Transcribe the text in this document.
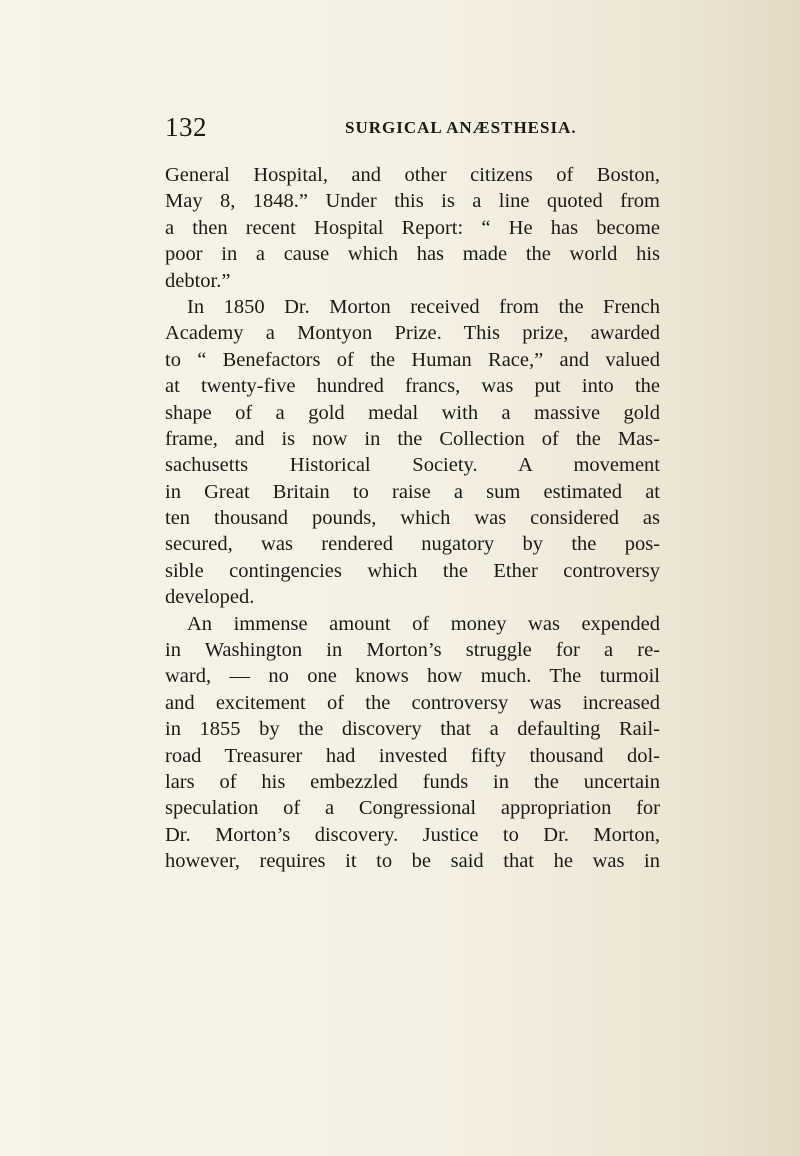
132	SURGICAL ANÆSTHESIA.
General Hospital, and other citizens of Boston,
May 8, 1848.” Under this is a line quoted from
a then recent Hospital Report: “ He has become
poor in a cause which has made the world his
debtor.”
In 1850 Dr. Morton received from the French
Academy a Montyon Prize. This prize, awarded
to “ Benefactors of the Human Race,” and valued
at twenty-five hundred francs, was put into the
shape of a gold medal with a massive gold
frame, and is now in the Collection of the Mas-
sachusetts Historical Society. A movement
in Great Britain to raise a sum estimated at
ten thousand pounds, which was considered as
secured, was rendered nugatory by the pos-
sible contingencies which the Ether controversy
developed.
An immense amount of money was expended
in Washington in Morton’s struggle for a re-
ward, — no one knows how much. The turmoil
and excitement of the controversy was increased
in 1855 by the discovery that a defaulting Rail-
road Treasurer had invested fifty thousand dol-
lars of his embezzled funds in the uncertain
speculation of a Congressional appropriation for
Dr. Morton’s discovery. Justice to Dr. Morton,
however, requires it to be said that he was in
